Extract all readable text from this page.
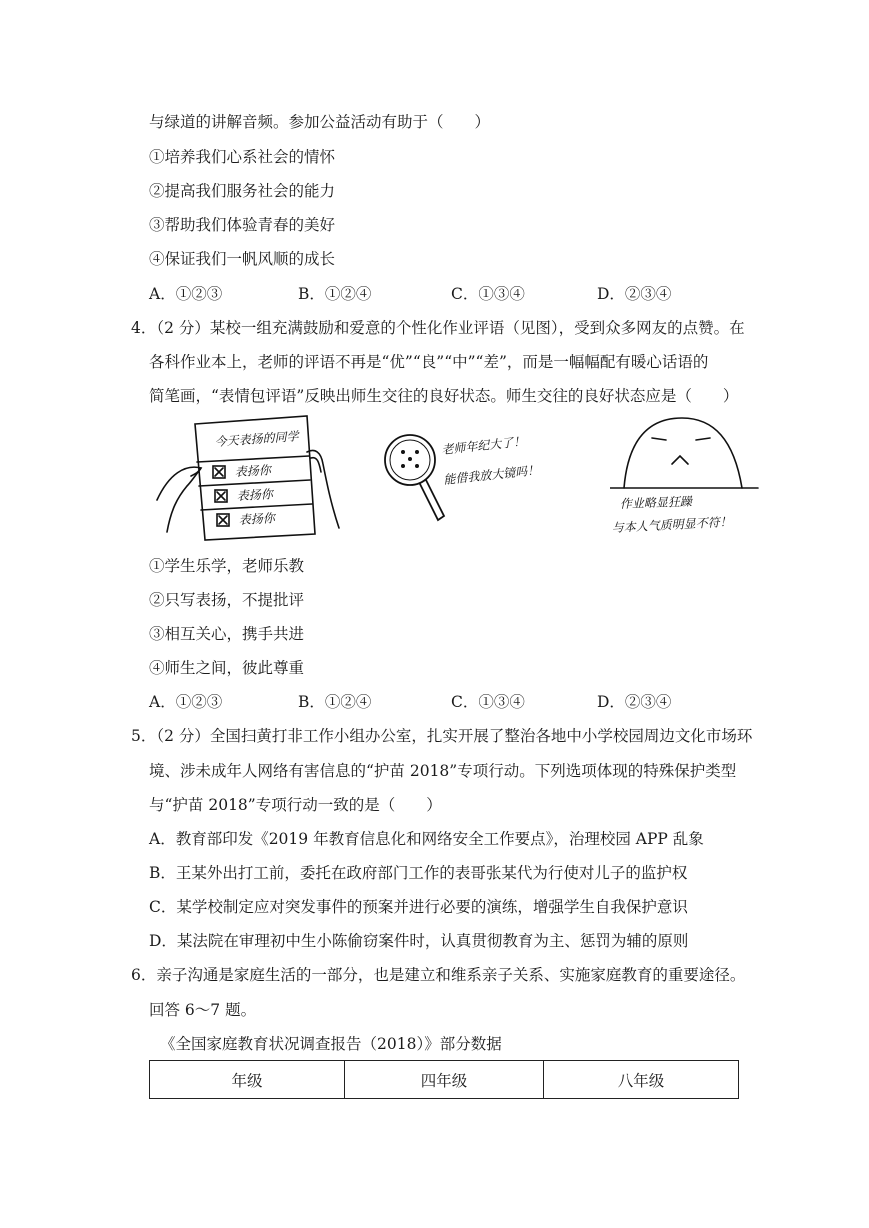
与绿道的讲解音频。参加公益活动有助于（　　）
①培养我们心系社会的情怀
②提高我们服务社会的能力
③帮助我们体验青春的美好
④保证我们一帆风顺的成长
A．①②③	B．①②④	C．①③④	D．②③④
4．（2 分）某校一组充满鼓励和爱意的个性化作业评语（见图），受到众多网友的点赞。在
各科作业本上，老师的评语不再是“优”“良”“中”“差”，而是一幅幅配有暖心话语的
简笔画，“表情包评语”反映出师生交往的良好状态。师生交往的良好状态应是（　　）
今天表扬的同学
表扬你
表扬你
表扬你
老师年纪大了！
能借我放大镜吗！
作业略显狂躁
与本人气质明显不符！
①学生乐学，老师乐教
②只写表扬，不提批评
③相互关心，携手共进
④师生之间，彼此尊重
A．①②③	B．①②④	C．①③④	D．②③④
5．（2 分）全国扫黄打非工作小组办公室，扎实开展了整治各地中小学校园周边文化市场环
境、涉未成年人网络有害信息的“护苗 2018”专项行动。下列选项体现的特殊保护类型
与“护苗 2018”专项行动一致的是（　　）
A．教育部印发《2019 年教育信息化和网络安全工作要点》，治理校园 APP 乱象
B．王某外出打工前，委托在政府部门工作的表哥张某代为行使对儿子的监护权
C．某学校制定应对突发事件的预案并进行必要的演练，增强学生自我保护意识
D．某法院在审理初中生小陈偷窃案件时，认真贯彻教育为主、惩罚为辅的原则
6．亲子沟通是家庭生活的一部分，也是建立和维系亲子关系、实施家庭教育的重要途径。
回答 6～7 题。
《全国家庭教育状况调查报告（2018）》部分数据
年级	四年级	八年级
